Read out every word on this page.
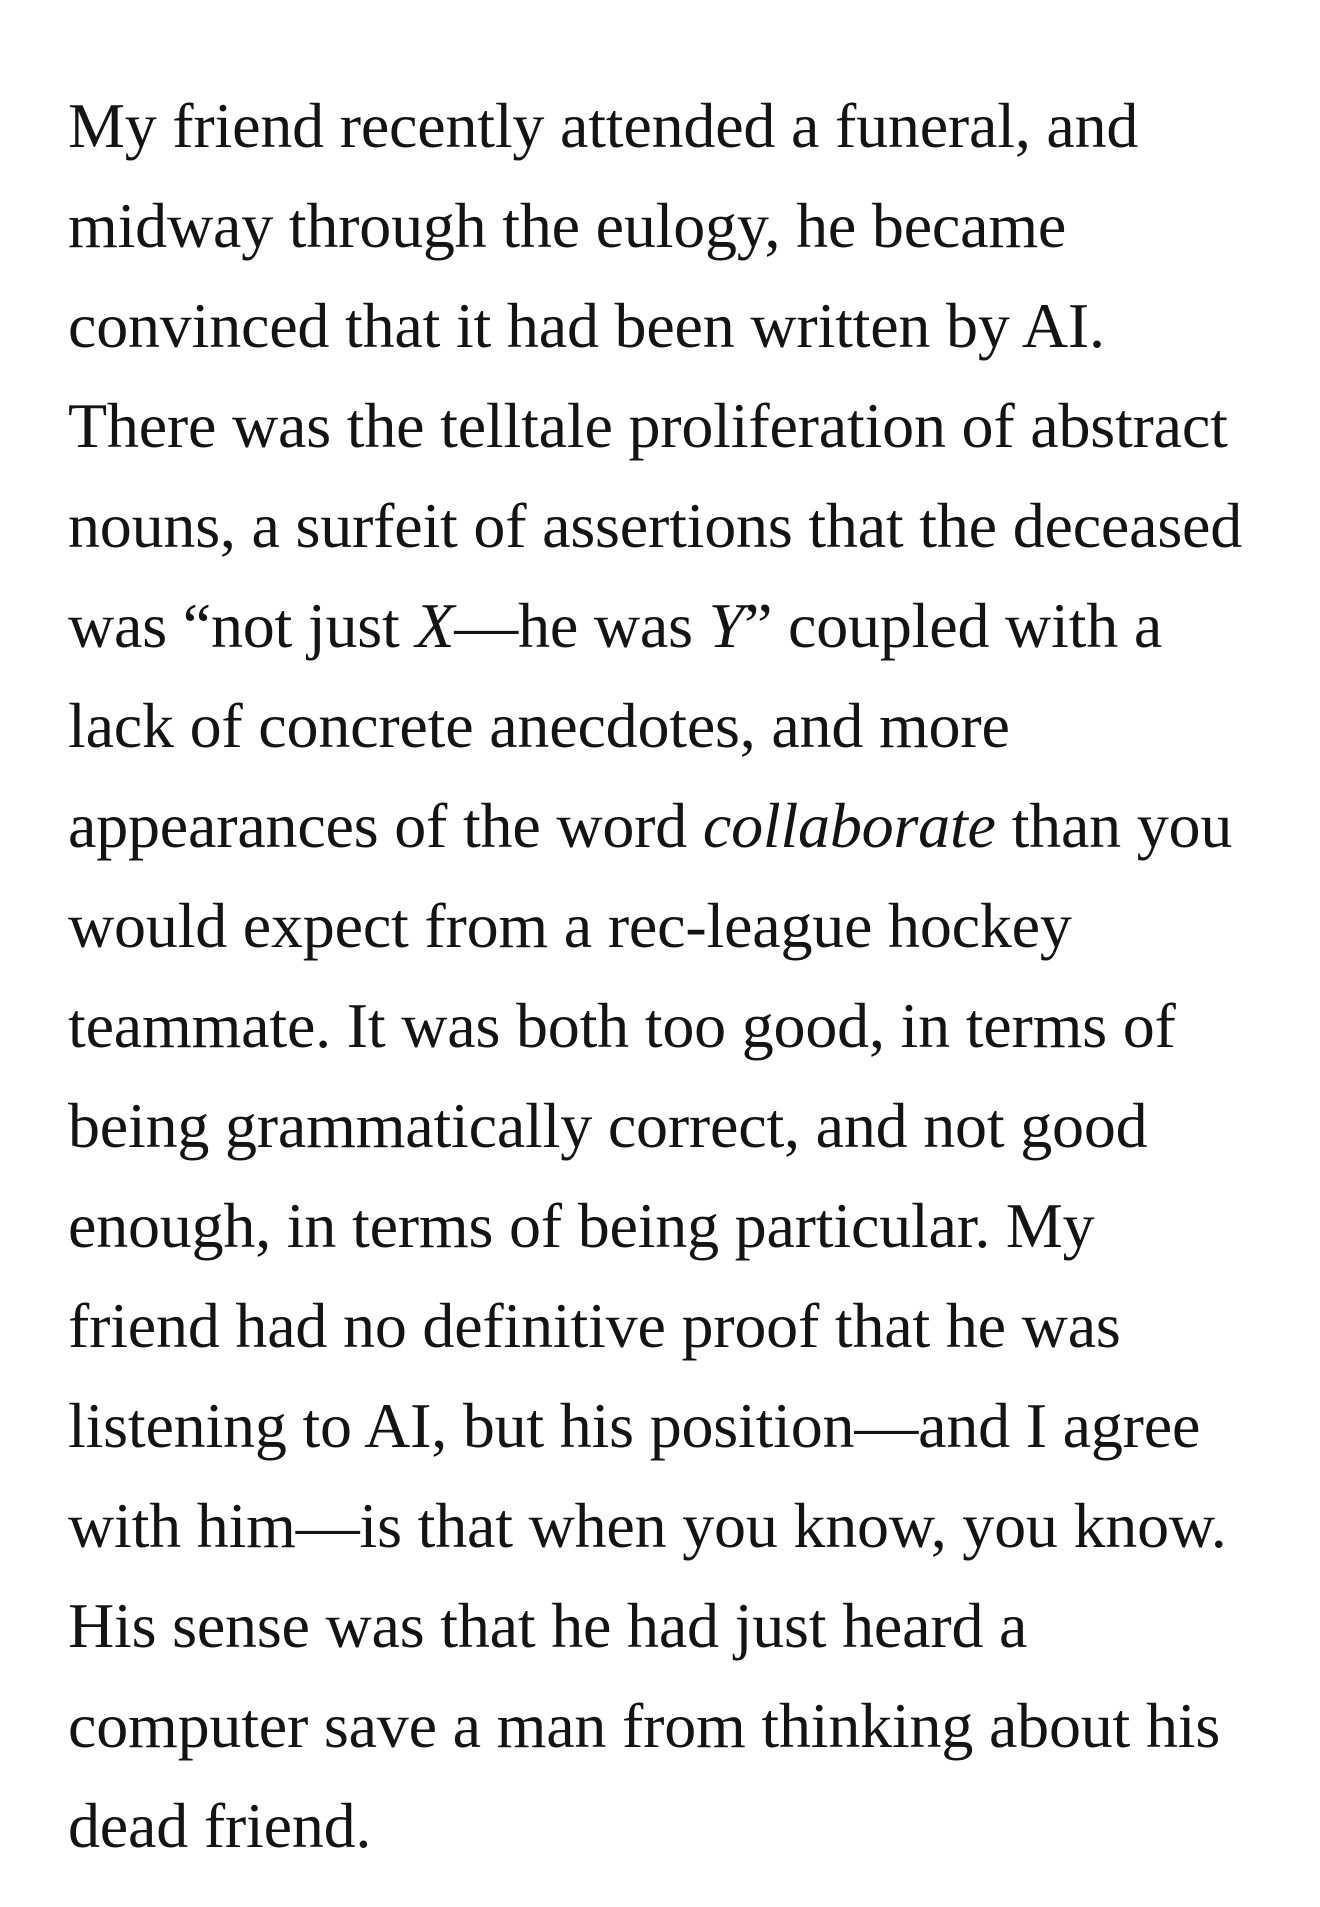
My friend recently attended a funeral, and
midway through the eulogy, he became
convinced that it had been written by AI.
There was the telltale proliferation of abstract
nouns, a surfeit of assertions that the deceased
was “not just X—he was Y” coupled with a
lack of concrete anecdotes, and more
appearances of the word collaborate than you
would expect from a rec-league hockey
teammate. It was both too good, in terms of
being grammatically correct, and not good
enough, in terms of being particular. My
friend had no definitive proof that he was
listening to AI, but his position—and I agree
with him—is that when you know, you know.
His sense was that he had just heard a
computer save a man from thinking about his
dead friend.
